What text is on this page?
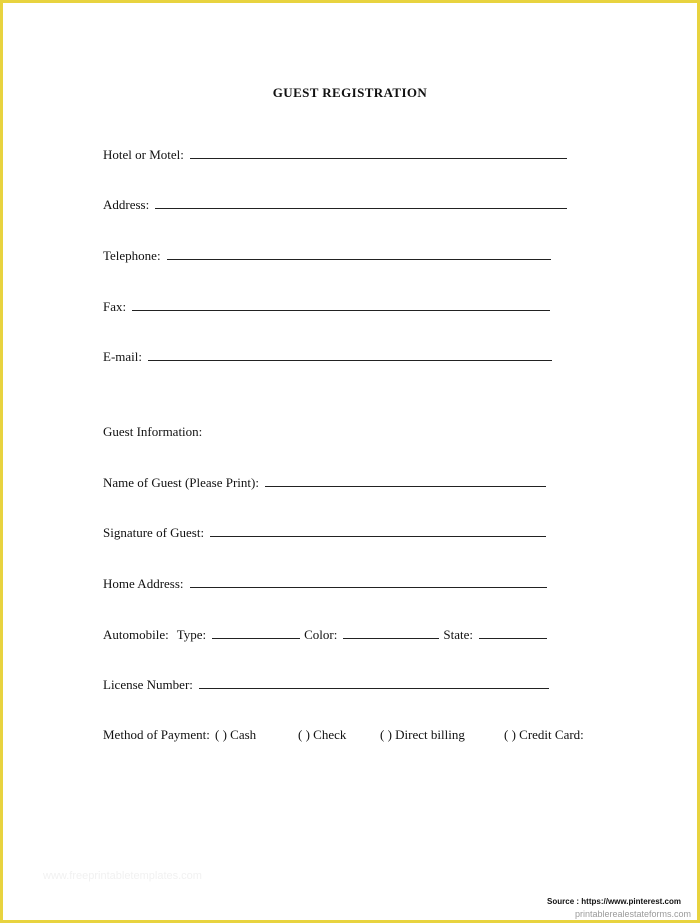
GUEST REGISTRATION
Hotel or Motel:
Address:
Telephone:
Fax:
E-mail:
Guest Information:
Name of Guest (Please Print):
Signature of Guest:
Home Address:
Automobile: Type:	Color:	State:
License Number:
Method of Payment: ( ) Cash	( ) Check	( ) Direct billing	( ) Credit Card:
www.freeprintabletemplates.com
Source : https://www.pinterest.com
printablerealestateforms.com
